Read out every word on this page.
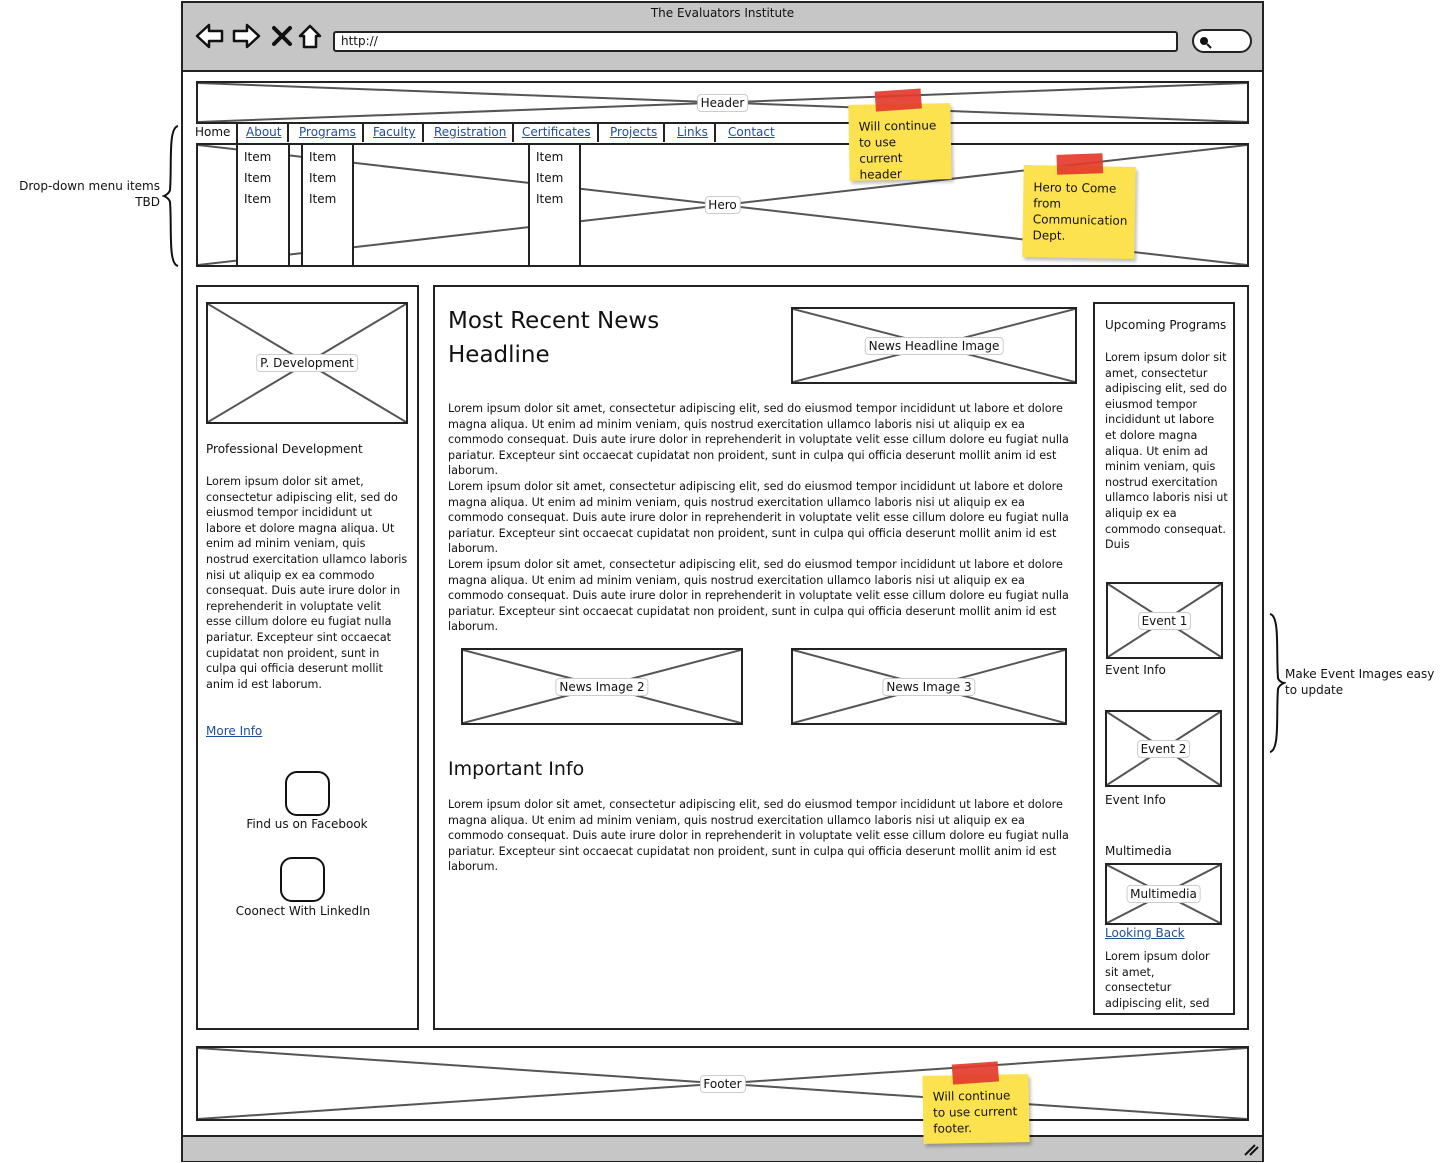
The Evaluators Institute
http://
Header
Hero
Home	About	Programs	Faculty	Registration	Certificates	Projects	Links	Contact
Item
Item
Item
Item
Item
Item
Item
Item
Item
Drop-down menu items TBD
Will continue to use current header
Hero to Come from Communication Dept.
P. Development
Professional Development
Lorem ipsum dolor sit amet, consectetur adipiscing elit, sed do eiusmod tempor incididunt ut labore et dolore magna aliqua. Ut enim ad minim veniam, quis nostrud exercitation ullamco laboris nisi ut aliquip ex ea commodo consequat. Duis aute irure dolor in reprehenderit in voluptate velit esse cillum dolore eu fugiat nulla pariatur. Excepteur sint occaecat cupidatat non proident, sunt in culpa qui officia deserunt mollit anim id est laborum.
More Info
Find us on Facebook
Coonect With LinkedIn
Most Recent News Headline	News Headline Image
Lorem ipsum dolor sit amet, consectetur adipiscing elit, sed do eiusmod tempor incididunt ut labore et dolore magna aliqua. Ut enim ad minim veniam, quis nostrud exercitation ullamco laboris nisi ut aliquip ex ea commodo consequat. Duis aute irure dolor in reprehenderit in voluptate velit esse cillum dolore eu fugiat nulla pariatur. Excepteur sint occaecat cupidatat non proident, sunt in culpa qui officia deserunt mollit anim id est laborum.
Lorem ipsum dolor sit amet, consectetur adipiscing elit, sed do eiusmod tempor incididunt ut labore et dolore magna aliqua. Ut enim ad minim veniam, quis nostrud exercitation ullamco laboris nisi ut aliquip ex ea commodo consequat. Duis aute irure dolor in reprehenderit in voluptate velit esse cillum dolore eu fugiat nulla pariatur. Excepteur sint occaecat cupidatat non proident, sunt in culpa qui officia deserunt mollit anim id est laborum.
Lorem ipsum dolor sit amet, consectetur adipiscing elit, sed do eiusmod tempor incididunt ut labore et dolore magna aliqua. Ut enim ad minim veniam, quis nostrud exercitation ullamco laboris nisi ut aliquip ex ea commodo consequat. Duis aute irure dolor in reprehenderit in voluptate velit esse cillum dolore eu fugiat nulla pariatur. Excepteur sint occaecat cupidatat non proident, sunt in culpa qui officia deserunt mollit anim id est laborum.
News Image 2	News Image 3
Important Info
Lorem ipsum dolor sit amet, consectetur adipiscing elit, sed do eiusmod tempor incididunt ut labore et dolore magna aliqua. Ut enim ad minim veniam, quis nostrud exercitation ullamco laboris nisi ut aliquip ex ea commodo consequat. Duis aute irure dolor in reprehenderit in voluptate velit esse cillum dolore eu fugiat nulla pariatur. Excepteur sint occaecat cupidatat non proident, sunt in culpa qui officia deserunt mollit anim id est laborum.
Upcoming Programs
Lorem ipsum dolor sit amet, consectetur adipiscing elit, sed do eiusmod tempor incididunt ut labore et dolore magna aliqua. Ut enim ad minim veniam, quis nostrud exercitation ullamco laboris nisi ut aliquip ex ea commodo consequat. Duis
Event 1
Event Info
Event 2
Event Info
Multimedia
Multimedia
Looking Back
Lorem ipsum dolor sit amet, consectetur adipiscing elit, sed
Make Event Images easy to update
Footer
Will continue to use current footer.
